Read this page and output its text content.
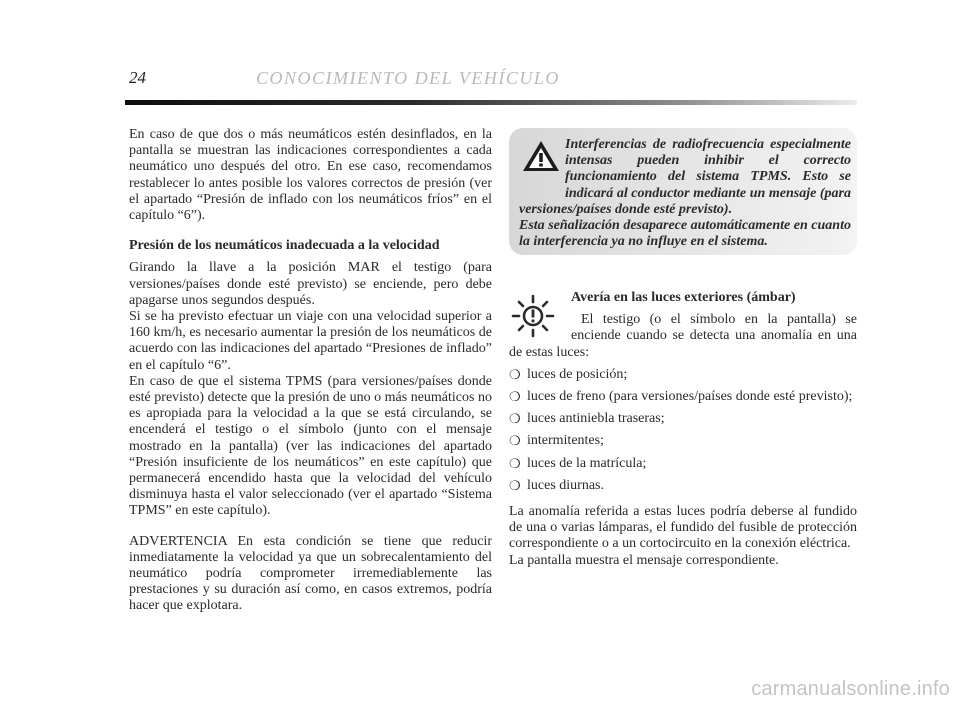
24	CONOCIMIENTO DEL VEHÍCULO

En caso de que dos o más neumáticos estén desinflados, en la pantalla se muestran las indicaciones correspondientes a cada neumático uno después del otro. En ese caso, recomendamos restablecer lo antes posible los valores correctos de presión (ver el apartado “Presión de inflado con los neumáticos fríos” en el capítulo “6”).

Presión de los neumáticos inadecuada a la velocidad

Girando la llave a la posición MAR el testigo (para versiones/países donde esté previsto) se enciende, pero debe apagarse unos segundos después.

Si se ha previsto efectuar un viaje con una velocidad superior a 160 km/h, es necesario aumentar la presión de los neumáticos de acuerdo con las indicaciones del apartado “Presiones de inflado” en el capítulo “6”.

En caso de que el sistema TPMS (para versiones/países donde esté previsto) detecte que la presión de uno o más neumáticos no es apropiada para la velocidad a la que se está circulando, se encenderá el testigo o el símbolo (junto con el mensaje mostrado en la pantalla) (ver las indicaciones del apartado “Presión insuficiente de los neumáticos” en este capítulo) que permanecerá encendido hasta que la velocidad del vehículo disminuya hasta el valor seleccionado (ver el apartado “Sistema TPMS” en este capítulo).

ADVERTENCIA En esta condición se tiene que reducir inmediatamente la velocidad ya que un sobrecalentamiento del neumático podría comprometer irremediablemente las prestaciones y su duración así como, en casos extremos, podría hacer que explotara.

Interferencias de radiofrecuencia especialmente intensas pueden inhibir el correcto funcionamiento del sistema TPMS. Esto se indicará al conductor mediante un mensaje (para versiones/países donde esté previsto).
Esta señalización desaparece automáticamente en cuanto la interferencia ya no influye en el sistema.

Avería en las luces exteriores (ámbar)

El testigo (o el símbolo en la pantalla) se enciende cuando se detecta una anomalía en una de estas luces:

❍ luces de posición;
❍ luces de freno (para versiones/países donde esté previsto);
❍ luces antiniebla traseras;
❍ intermitentes;
❍ luces de la matrícula;
❍ luces diurnas.

La anomalía referida a estas luces podría deberse al fundido de una o varias lámparas, el fundido del fusible de protección correspondiente o a un cortocircuito en la conexión eléctrica.

La pantalla muestra el mensaje correspondiente.

carmanualsonline.info
